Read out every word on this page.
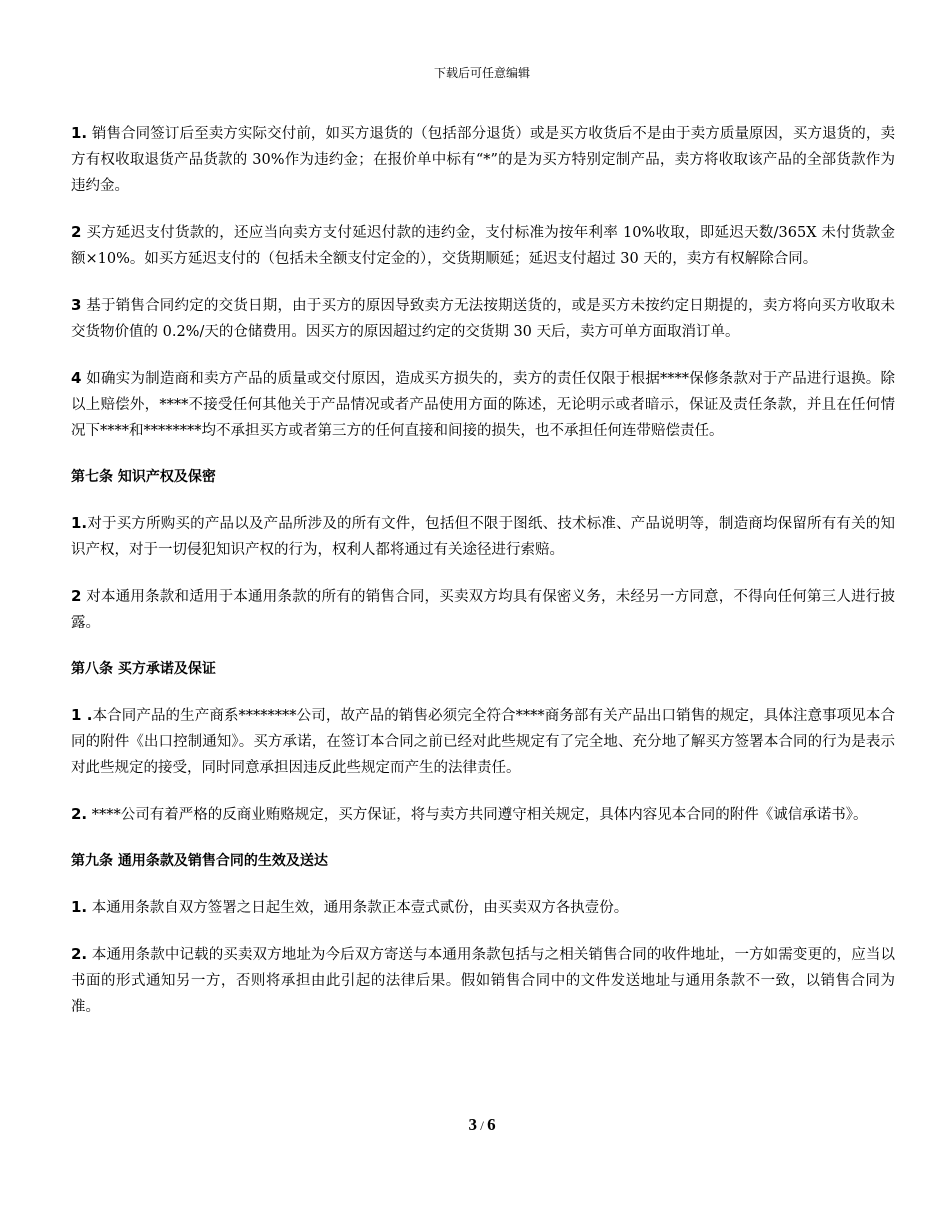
下载后可任意编辑

1. 销售合同签订后至卖方实际交付前，如买方退货的（包括部分退货）或是买方收货后不是由于卖方质量原因，买方退货的，卖方有权收取退货产品货款的 30%作为违约金；在报价单中标有“*”的是为买方特别定制产品，卖方将收取该产品的全部货款作为违约金。

2 买方延迟支付货款的，还应当向卖方支付延迟付款的违约金，支付标准为按年利率 10%收取，即延迟天数/365X 未付货款金额×10%。如买方延迟支付的（包括未全额支付定金的），交货期顺延；延迟支付超过 30 天的，卖方有权解除合同。

3 基于销售合同约定的交货日期，由于买方的原因导致卖方无法按期送货的，或是买方未按约定日期提的，卖方将向买方收取未交货物价值的 0.2%/天的仓储费用。因买方的原因超过约定的交货期 30 天后，卖方可单方面取消订单。

4 如确实为制造商和卖方产品的质量或交付原因，造成买方损失的，卖方的责任仅限于根据****保修条款对于产品进行退换。除以上赔偿外，****不接受任何其他关于产品情况或者产品使用方面的陈述，无论明示或者暗示，保证及责任条款，并且在任何情况下****和********均不承担买方或者第三方的任何直接和间接的损失，也不承担任何连带赔偿责任。

第七条 知识产权及保密

1.对于买方所购买的产品以及产品所涉及的所有文件，包括但不限于图纸、技术标准、产品说明等，制造商均保留所有有关的知识产权，对于一切侵犯知识产权的行为，权利人都将通过有关途径进行索赔。

2 对本通用条款和适用于本通用条款的所有的销售合同，买卖双方均具有保密义务，未经另一方同意，不得向任何第三人进行披露。

第八条 买方承诺及保证

1 .本合同产品的生产商系********公司，故产品的销售必须完全符合****商务部有关产品出口销售的规定，具体注意事项见本合同的附件《出口控制通知》。买方承诺，在签订本合同之前已经对此些规定有了完全地、充分地了解买方签署本合同的行为是表示对此些规定的接受，同时同意承担因违反此些规定而产生的法律责任。

2. ****公司有着严格的反商业贿赂规定，买方保证，将与卖方共同遵守相关规定，具体内容见本合同的附件《诚信承诺书》。

第九条 通用条款及销售合同的生效及送达

1. 本通用条款自双方签署之日起生效，通用条款正本壹式贰份，由买卖双方各执壹份。

2. 本通用条款中记载的买卖双方地址为今后双方寄送与本通用条款包括与之相关销售合同的收件地址，一方如需变更的，应当以书面的形式通知另一方，否则将承担由此引起的法律后果。假如销售合同中的文件发送地址与通用条款不一致，以销售合同为准。

3 / 6
